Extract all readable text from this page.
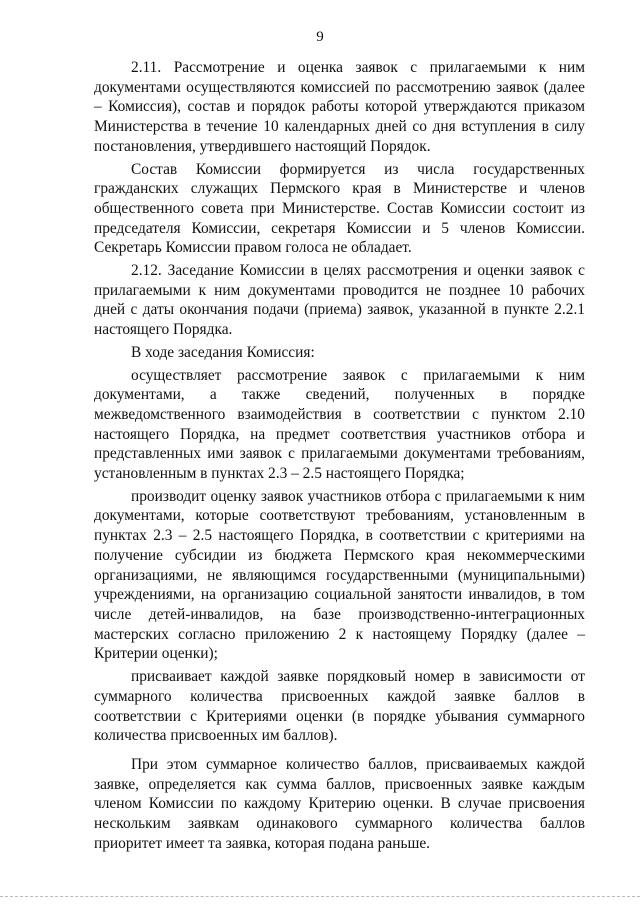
9

2.11. Рассмотрение и оценка заявок с прилагаемыми к ним документами осуществляются комиссией по рассмотрению заявок (далее – Комиссия), состав и порядок работы которой утверждаются приказом Министерства в течение 10 календарных дней со дня вступления в силу постановления, утвердившего настоящий Порядок.

Состав Комиссии формируется из числа государственных гражданских служащих Пермского края в Министерстве и членов общественного совета при Министерстве. Состав Комиссии состоит из председателя Комиссии, секретаря Комиссии и 5 членов Комиссии. Секретарь Комиссии правом голоса не обладает.

2.12. Заседание Комиссии в целях рассмотрения и оценки заявок с прилагаемыми к ним документами проводится не позднее 10 рабочих дней с даты окончания подачи (приема) заявок, указанной в пункте 2.2.1 настоящего Порядка.

В ходе заседания Комиссия:

осуществляет рассмотрение заявок с прилагаемыми к ним документами, а также сведений, полученных в порядке межведомственного взаимодействия в соответствии с пунктом 2.10 настоящего Порядка, на предмет соответствия участников отбора и представленных ими заявок с прилагаемыми документами требованиям, установленным в пунктах 2.3 – 2.5 настоящего Порядка;

производит оценку заявок участников отбора с прилагаемыми к ним документами, которые соответствуют требованиям, установленным в пунктах 2.3 – 2.5 настоящего Порядка, в соответствии с критериями на получение субсидии из бюджета Пермского края некоммерческими организациями, не являющимся государственными (муниципальными) учреждениями, на организацию социальной занятости инвалидов, в том числе детей-инвалидов, на базе производственно-интеграционных мастерских согласно приложению 2 к настоящему Порядку (далее – Критерии оценки);

присваивает каждой заявке порядковый номер в зависимости от суммарного количества присвоенных каждой заявке баллов в соответствии с Критериями оценки (в порядке убывания суммарного количества присвоенных им баллов).

При этом суммарное количество баллов, присваиваемых каждой заявке, определяется как сумма баллов, присвоенных заявке каждым членом Комиссии по каждому Критерию оценки. В случае присвоения нескольким заявкам одинакового суммарного количества баллов приоритет имеет та заявка, которая подана раньше.
